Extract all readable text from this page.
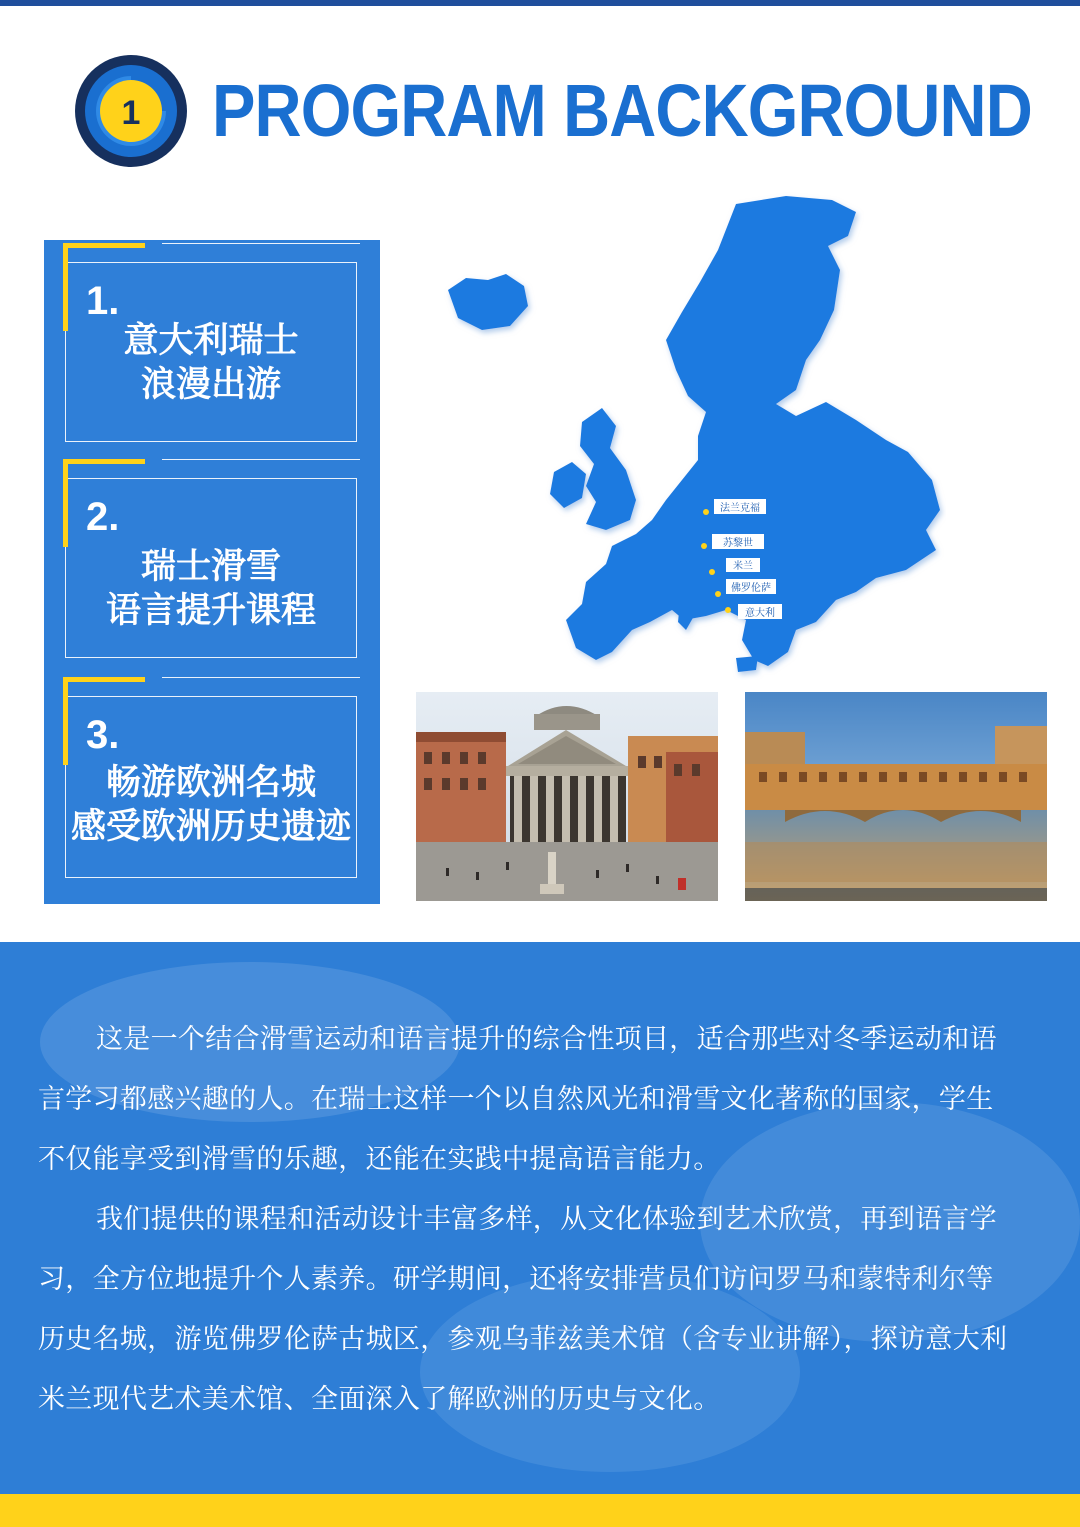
1 PROGRAM BACKGROUND
1.
意大利瑞士
浪漫出游
2.
瑞士滑雪
语言提升课程
3.
畅游欧洲名城
感受欧洲历史遗迹
法兰克福
苏黎世
米兰
佛罗伦萨
意大利

这是一个结合滑雪运动和语言提升的综合性项目，适合那些对冬季运动和语言学习都感兴趣的人。在瑞士这样一个以自然风光和滑雪文化著称的国家，学生不仅能享受到滑雪的乐趣，还能在实践中提高语言能力。

我们提供的课程和活动设计丰富多样，从文化体验到艺术欣赏，再到语言学习，全方位地提升个人素养。研学期间，还将安排营员们访问罗马和蒙特利尔等历史名城，游览佛罗伦萨古城区，参观乌菲兹美术馆（含专业讲解），探访意大利米兰现代艺术美术馆、全面深入了解欧洲的历史与文化。
